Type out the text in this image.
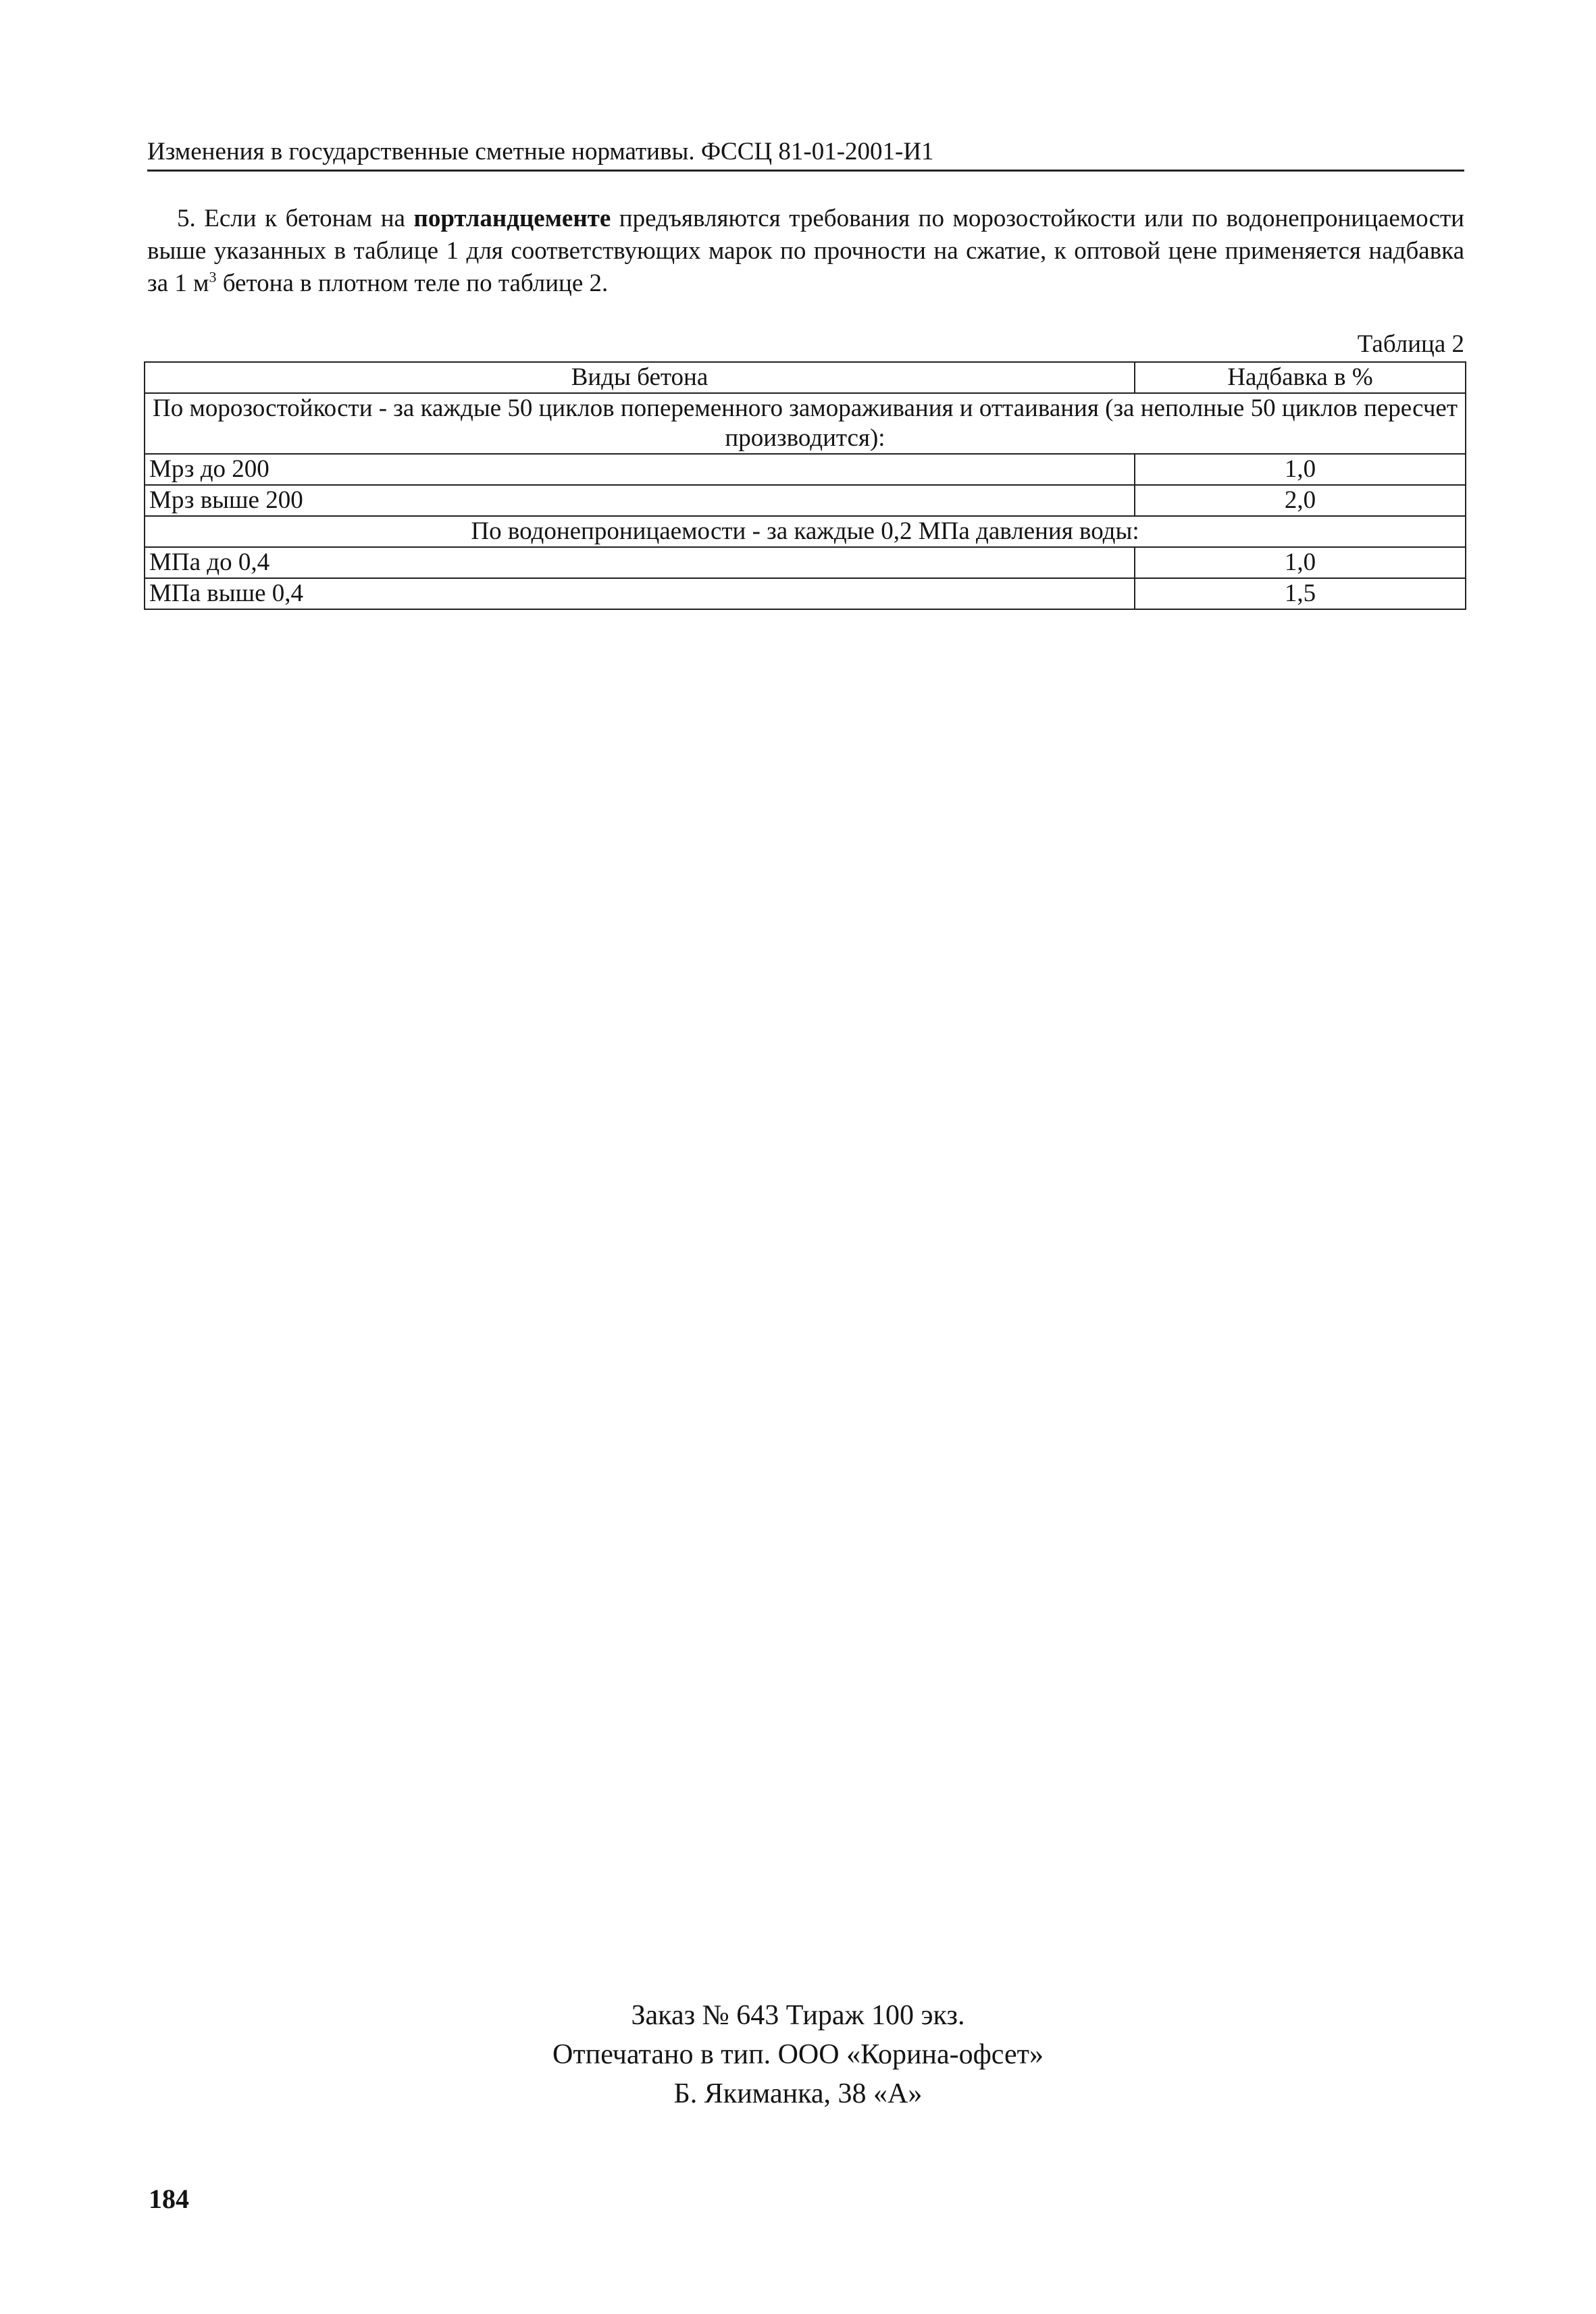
Изменения в государственные сметные нормативы. ФССЦ 81-01-2001-И1

5. Если к бетонам на портландцементе предъявляются требования по морозостойкости или по водонепроницаемости выше указанных в таблице 1 для соответствующих марок по прочности на сжатие, к оптовой цене применяется надбавка за 1 $м^3$ бетона в плотном теле по таблице 2.

Таблица 2
Виды бетона	Надбавка в %
По морозостойкости - за каждые 50 циклов попеременного замораживания и оттаивания (за неполные 50 циклов пересчет производится):	
Мрз до 200	1,0
Мрз выше 200	2,0
По водонепроницаемости - за каждые 0,2 МПа давления воды:	
МПа до 0,4	1,0
МПа выше 0,4	1,5
Заказ № 643 Тираж 100 экз.
Отпечатано в тип. ООО «Корина-офсет»
Б. Якиманка, 38 «А»
184
